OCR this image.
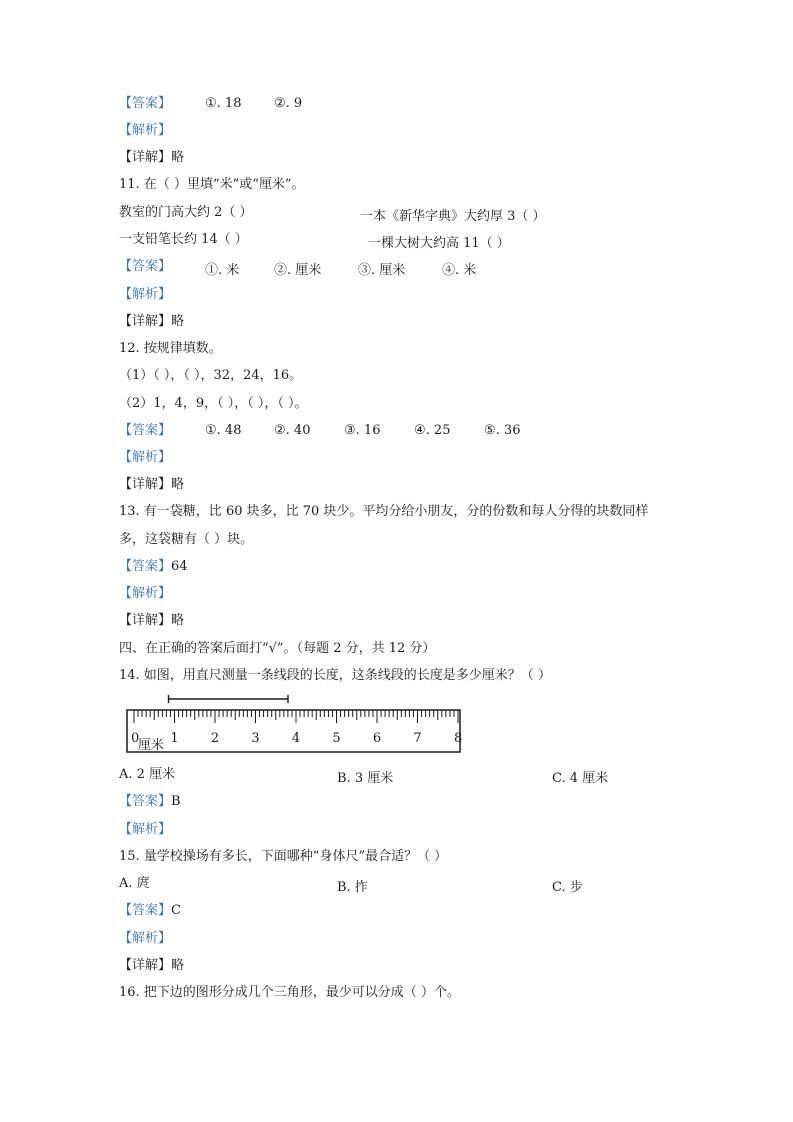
【答案】	①. 18	②. 9
【解析】
【详解】略
11. 在（ ）里填“米”或“厘米”。
教室的门高大约 2（ ）	一本《新华字典》大约厚 3（ ）
一支铅笔长约 14（ ）	一棵大树大约高 11（ ）
【答案】	①. 米	②. 厘米	③. 厘米	④. 米
【解析】
【详解】略
12. 按规律填数。
（1）（ ），（ ），32，24，16。
（2）1，4，9，（ ），（ ），（ ）。
【答案】	①. 48	②. 40	③. 16	④. 25	⑤. 36
【解析】
【详解】略
13. 有一袋糖，比 60 块多，比 70 块少。平均分给小朋友，分的份数和每人分得的块数同样
多，这袋糖有（ ）块。
【答案】64
【解析】
【详解】略
四、在正确的答案后面打“√”。（每题 2 分，共 12 分）
14. 如图，用直尺测量一条线段的长度，这条线段的长度是多少厘米？（ ）
0 1 2 3 4 5 6 7 8
厘米
A. 2 厘米	B. 3 厘米	C. 4 厘米
【答案】B
【解析】
15. 量学校操场有多长，下面哪种“身体尺”最合适？（ ）
A. 庹	B. 拃	C. 步
【答案】C
【解析】
【详解】略
16. 把下边的图形分成几个三角形，最少可以分成（ ）个。
